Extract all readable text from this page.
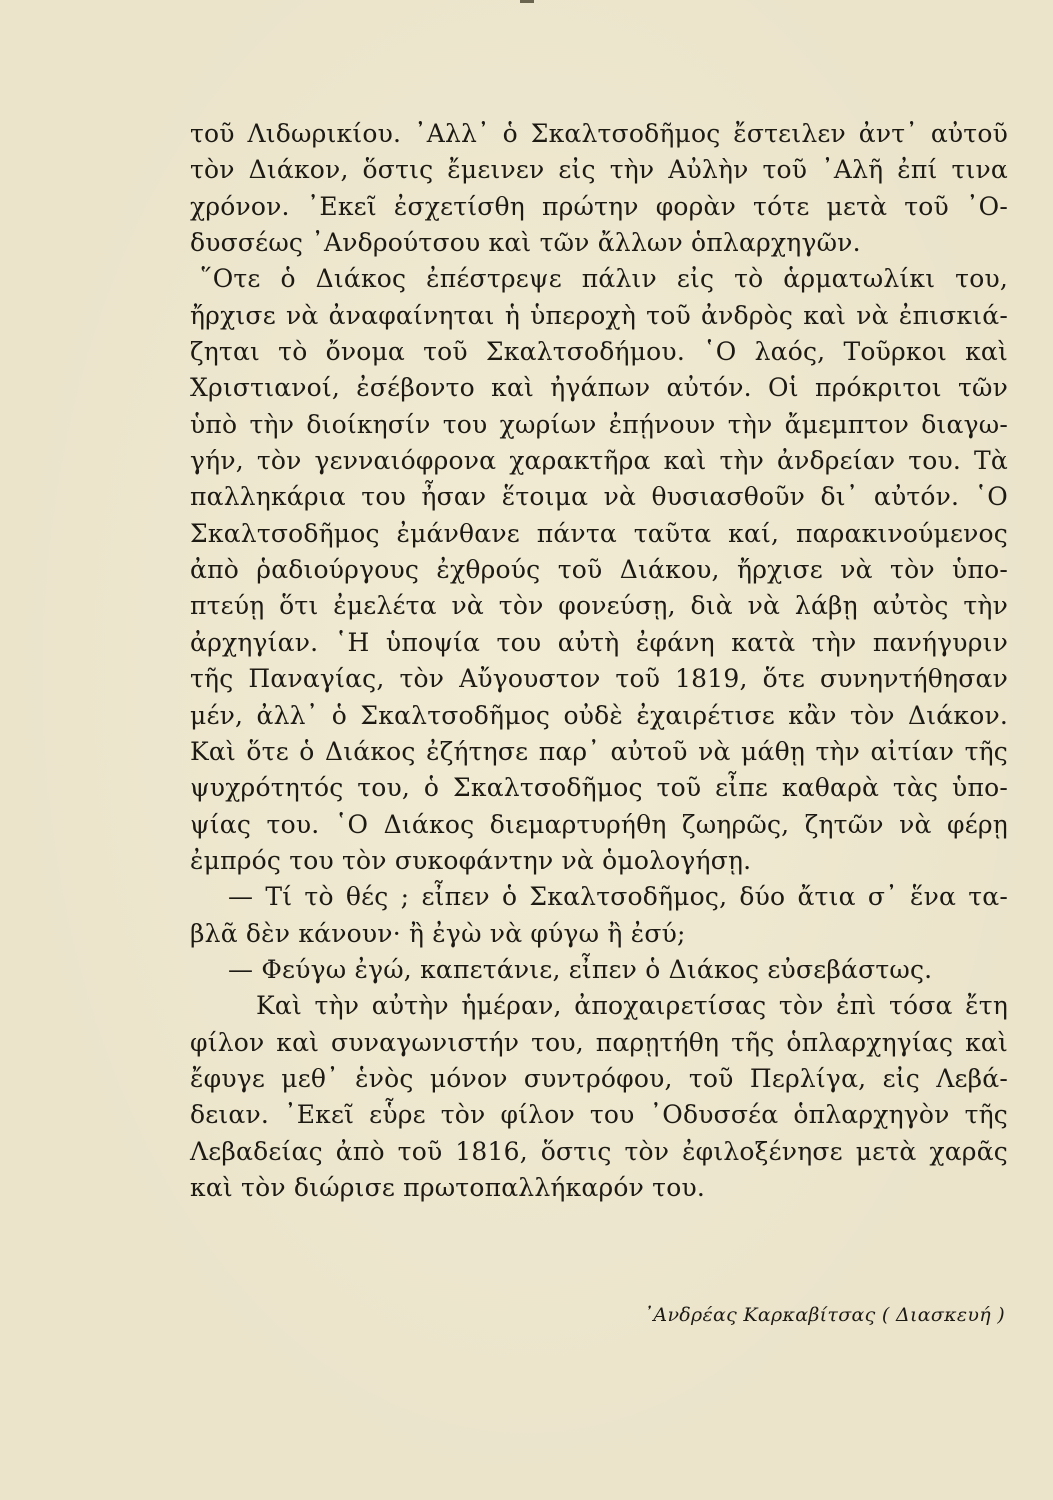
τοῦ Λιδωρικίου. ᾿Αλλ᾿ ὁ Σκαλτσοδῆμος ἔστειλεν ἀντ᾿ αὐτοῦ
τὸν Διάκον, ὅστις ἔμεινεν εἰς τὴν Αὐλὴν τοῦ ᾿Αλῆ ἐπί τινα
χρόνον. ᾿Εκεῖ ἐσχετίσθη πρώτην φορὰν τότε μετὰ τοῦ ᾿Ο-
δυσσέως ᾿Ανδρούτσου καὶ τῶν ἄλλων ὁπλαρχηγῶν.
῞Οτε ὁ Διάκος ἐπέστρεψε πάλιν εἰς τὸ ἁρματωλίκι του,
ἤρχισε νὰ ἀναφαίνηται ἡ ὑπεροχὴ τοῦ ἀνδρὸς καὶ νὰ ἐπισκιά-
ζηται τὸ ὄνομα τοῦ Σκαλτσοδήμου. ῾Ο λαός, Τοῦρκοι καὶ
Χριστιανοί, ἐσέβοντο καὶ ἠγάπων αὐτόν. Οἱ πρόκριτοι τῶν
ὑπὸ τὴν διοίκησίν του χωρίων ἐπῄνουν τὴν ἄμεμπτον διαγω-
γήν, τὸν γενναιόφρονα χαρακτῆρα καὶ τὴν ἀνδρείαν του. Τὰ
παλληκάρια του ἦσαν ἕτοιμα νὰ θυσιασθοῦν δι᾿ αὐτόν. ῾Ο
Σκαλτσοδῆμος ἐμάνθανε πάντα ταῦτα καί, παρακινούμενος
ἀπὸ ῥαδιούργους ἐχθρούς τοῦ Διάκου, ἤρχισε νὰ τὸν ὑπο-
πτεύῃ ὅτι ἐμελέτα νὰ τὸν φονεύσῃ, διὰ νὰ λάβῃ αὐτὸς τὴν
ἀρχηγίαν. ῾Η ὑποψία του αὐτὴ ἐφάνη κατὰ τὴν πανήγυριν
τῆς Παναγίας, τὸν Αὔγουστον τοῦ 1819, ὅτε συνηντήθησαν
μέν, ἀλλ᾿ ὁ Σκαλτσοδῆμος οὐδὲ ἐχαιρέτισε κἂν τὸν Διάκον.
Καὶ ὅτε ὁ Διάκος ἐζήτησε παρ᾿ αὐτοῦ νὰ μάθῃ τὴν αἰτίαν τῆς
ψυχρότητός του, ὁ Σκαλτσοδῆμος τοῦ εἶπε καθαρὰ τὰς ὑπο-
ψίας του. ῾Ο Διάκος διεμαρτυρήθη ζωηρῶς, ζητῶν νὰ φέρῃ
ἐμπρός του τὸν συκοφάντην νὰ ὁμολογήσῃ.
— Τί τὸ θές ; εἶπεν ὁ Σκαλτσοδῆμος, δύο ἄτια σ᾿ ἕνα τα-
βλᾶ δὲν κάνουν· ἢ ἐγὼ νὰ φύγω ἢ ἐσύ;
— Φεύγω ἐγώ, καπετάνιε, εἶπεν ὁ Διάκος εὐσεβάστως.
Καὶ τὴν αὐτὴν ἡμέραν, ἀποχαιρετίσας τὸν ἐπὶ τόσα ἔτη
φίλον καὶ συναγωνιστήν του, παρῃτήθη τῆς ὁπλαρχηγίας καὶ
ἔφυγε μεθ᾿ ἑνὸς μόνον συντρόφου, τοῦ Περλίγα, εἰς Λεβά-
δειαν. ᾿Εκεῖ εὗρε τὸν φίλον του ᾿Οδυσσέα ὁπλαρχηγὸν τῆς
Λεβαδείας ἀπὸ τοῦ 1816, ὅστις τὸν ἐφιλοξένησε μετὰ χαρᾶς
καὶ τὸν διώρισε πρωτοπαλλήκαρόν του.
᾿Ανδρέας Καρκαβίτσας ( Διασκευή )
